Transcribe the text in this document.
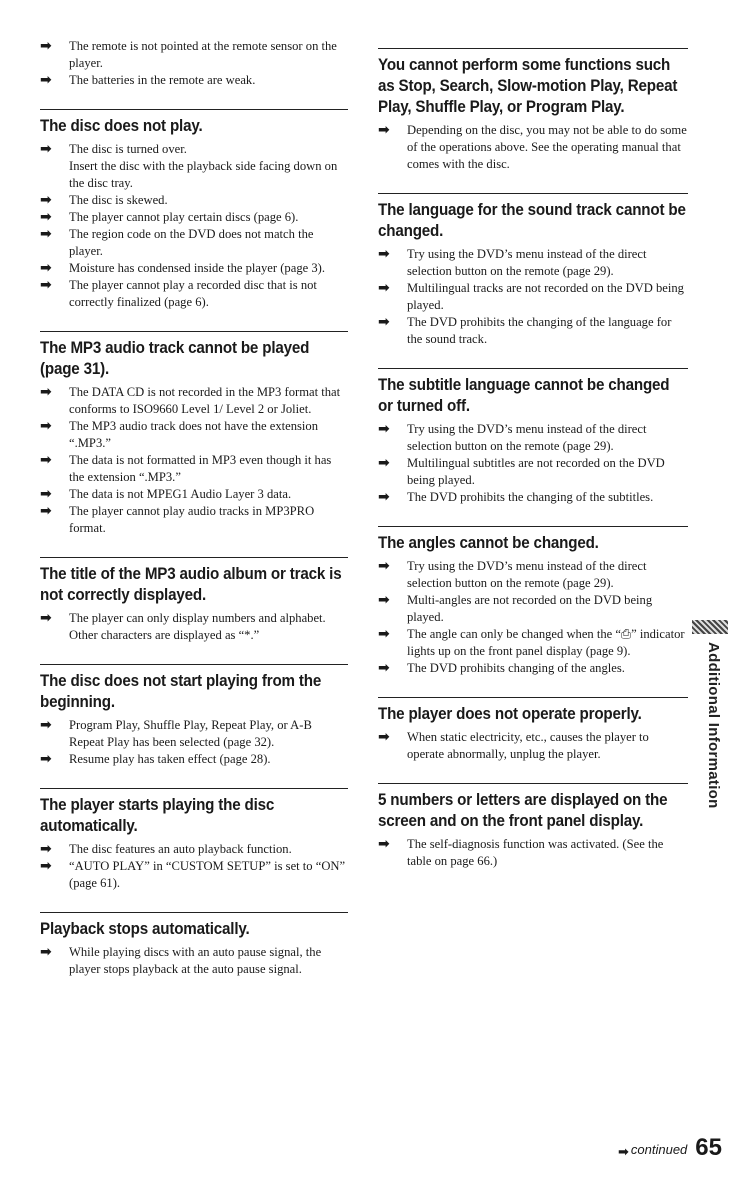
➡	The remote is not pointed at the remote sensor on the player.

➡	The batteries in the remote are weak.

The disc does not play.

➡	The disc is turned over.

Insert the disc with the playback side facing down on the disc tray.

➡	The disc is skewed.

➡	The player cannot play certain discs (page 6).

➡	The region code on the DVD does not match the player.

➡	Moisture has condensed inside the player (page 3).

➡	The player cannot play a recorded disc that is not correctly finalized (page 6).

The MP3 audio track cannot be played (page 31).

➡	The DATA CD is not recorded in the MP3 format that conforms to ISO9660 Level 1/ Level 2 or Joliet.

➡	The MP3 audio track does not have the extension “.MP3.”

➡	The data is not formatted in MP3 even though it has the extension “.MP3.”

➡	The data is not MPEG1 Audio Layer 3 data.

➡	The player cannot play audio tracks in MP3PRO format.

The title of the MP3 audio album or track is not correctly displayed.

➡	The player can only display numbers and alphabet. Other characters are displayed as “*.”

The disc does not start playing from the beginning.

➡	Program Play, Shuffle Play, Repeat Play, or A-B Repeat Play has been selected (page 32).

➡	Resume play has taken effect (page 28).

The player starts playing the disc automatically.

➡	The disc features an auto playback function.

➡	“AUTO PLAY” in “CUSTOM SETUP” is set to “ON” (page 61).

Playback stops automatically.

➡	While playing discs with an auto pause signal, the player stops playback at the auto pause signal.

You cannot perform some functions such as Stop, Search, Slow-motion Play, Repeat Play, Shuffle Play, or Program Play.

➡	Depending on the disc, you may not be able to do some of the operations above. See the operating manual that comes with the disc.

The language for the sound track cannot be changed.

➡	Try using the DVD’s menu instead of the direct selection button on the remote (page 29).

➡	Multilingual tracks are not recorded on the DVD being played.

➡	The DVD prohibits the changing of the language for the sound track.

The subtitle language cannot be changed or turned off.

➡	Try using the DVD’s menu instead of the direct selection button on the remote (page 29).

➡	Multilingual subtitles are not recorded on the DVD being played.

➡	The DVD prohibits the changing of the subtitles.

The angles cannot be changed.

➡	Try using the DVD’s menu instead of the direct selection button on the remote (page 29).

➡	Multi-angles are not recorded on the DVD being played.

➡	The angle can only be changed when the “⎙” indicator lights up on the front panel display (page 9).

➡	The DVD prohibits changing of the angles.

The player does not operate properly.

➡	When static electricity, etc., causes the player to operate abnormally, unplug the player.

5 numbers or letters are displayed on the screen and on the front panel display.

➡	The self-diagnosis function was activated. (See the table on page 66.)

Additional Information
➡ continued 65
